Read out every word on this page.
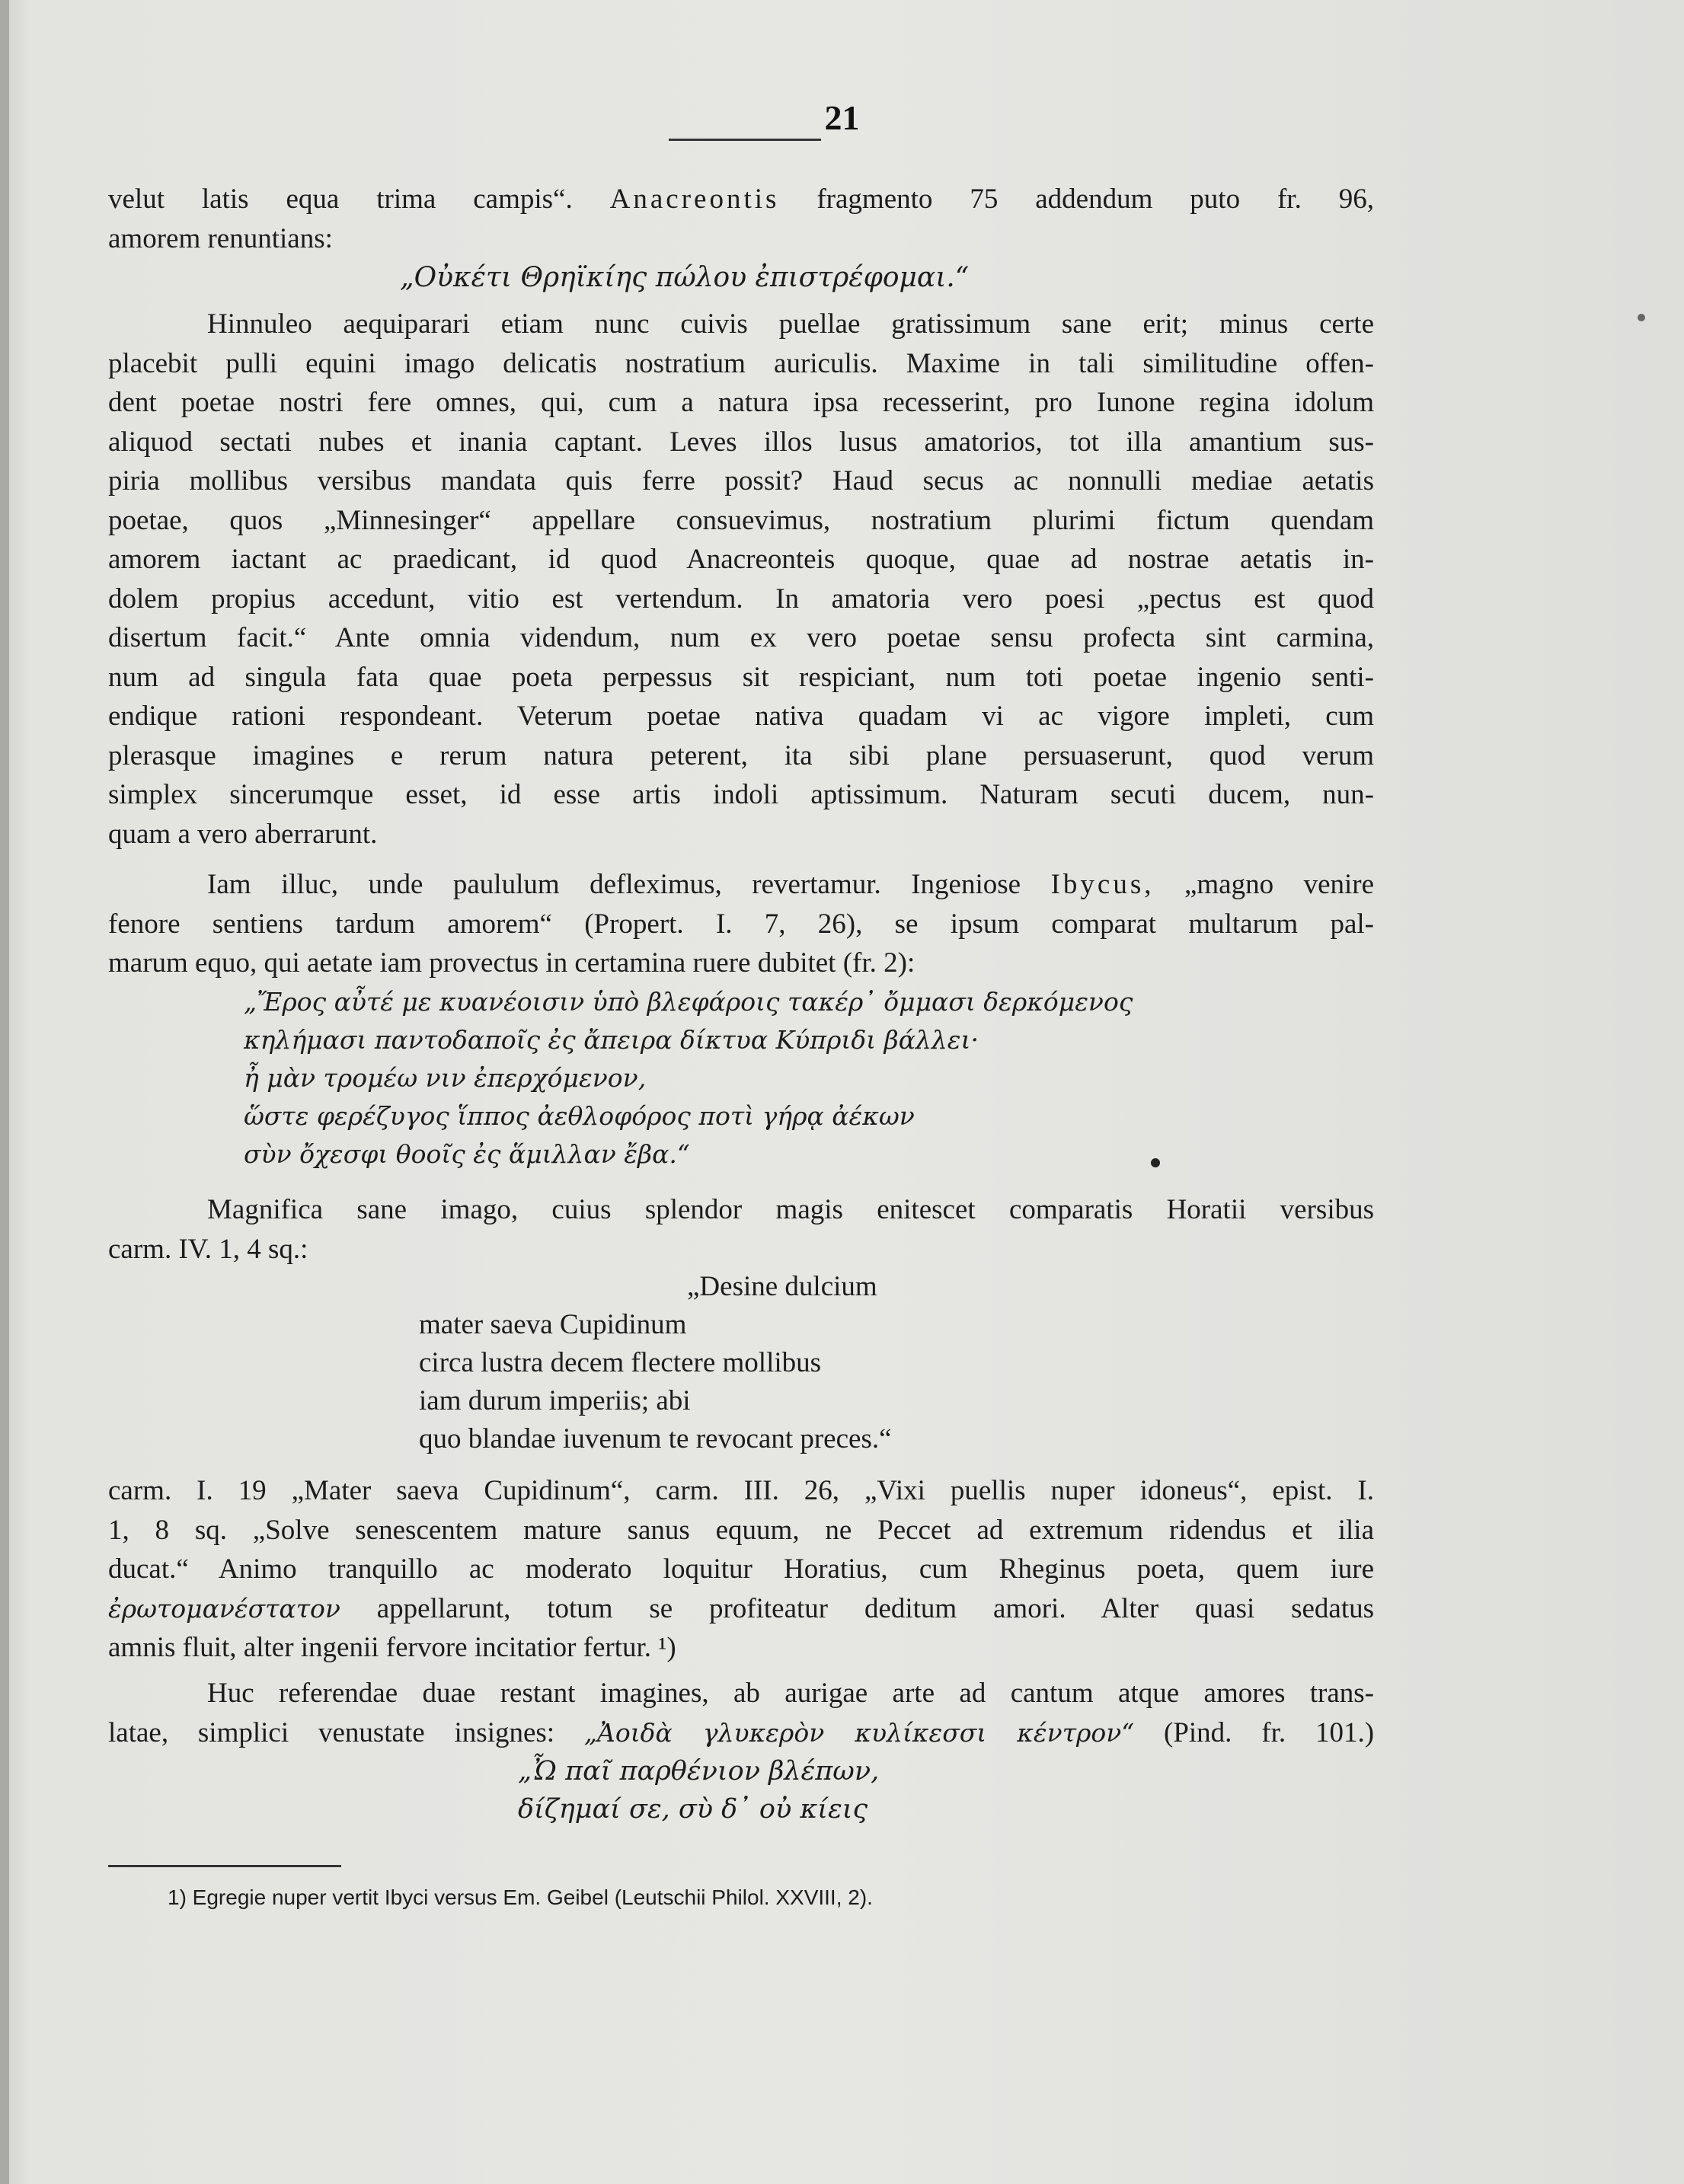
21
velut latis equa trima campis“. Anacreontis fragmento 75 addendum puto fr. 96,
amorem renuntians:
„Οὐκέτι Θρηϊκίης πώλου ἐπιστρέφομαι.“
Hinnuleo aequiparari etiam nunc cuivis puellae gratissimum sane erit; minus certe
placebit pulli equini imago delicatis nostratium auriculis. Maxime in tali similitudine offen-
dent poetae nostri fere omnes, qui, cum a natura ipsa recesserint, pro Iunone regina idolum
aliquod sectati nubes et inania captant. Leves illos lusus amatorios, tot illa amantium sus-
piria mollibus versibus mandata quis ferre possit? Haud secus ac nonnulli mediae aetatis
poetae, quos „Minnesinger“ appellare consuevimus, nostratium plurimi fictum quendam
amorem iactant ac praedicant, id quod Anacreonteis quoque, quae ad nostrae aetatis in-
dolem propius accedunt, vitio est vertendum. In amatoria vero poesi „pectus est quod
disertum facit.“ Ante omnia videndum, num ex vero poetae sensu profecta sint carmina,
num ad singula fata quae poeta perpessus sit respiciant, num toti poetae ingenio senti-
endique rationi respondeant. Veterum poetae nativa quadam vi ac vigore impleti, cum
plerasque imagines e rerum natura peterent, ita sibi plane persuaserunt, quod verum
simplex sincerumque esset, id esse artis indoli aptissimum. Naturam secuti ducem, nun-
quam a vero aberrarunt.
Iam illuc, unde paululum defleximus, revertamur. Ingeniose Ibycus, „magno venire
fenore sentiens tardum amorem“ (Propert. I. 7, 26), se ipsum comparat multarum pal-
marum equo, qui aetate iam provectus in certamina ruere dubitet (fr. 2):
„Ἔρος αὖτέ με κυανέοισιν ὑπὸ βλεφάροις τακέρ᾽ ὄμμασι δερκόμενος
κηλήμασι παντοδαποῖς ἐς ἄπειρα δίκτυα Κύπριδι βάλλει·
ἦ μὰν τρομέω νιν ἐπερχόμενον,
ὥστε φερέζυγος ἵππος ἀεθλοφόρος ποτὶ γήρᾳ ἀέκων
σὺν ὄχεσφι θοοῖς ἐς ἅμιλλαν ἔβα.“
Magnifica sane imago, cuius splendor magis enitescet comparatis Horatii versibus
carm. IV. 1, 4 sq.:
„Desine dulcium
mater saeva Cupidinum
circa lustra decem flectere mollibus
iam durum imperiis; abi
quo blandae iuvenum te revocant preces.“
carm. I. 19 „Mater saeva Cupidinum“, carm. III. 26, „Vixi puellis nuper idoneus“, epist. I.
1, 8 sq. „Solve senescentem mature sanus equum, ne Peccet ad extremum ridendus et ilia
ducat.“ Animo tranquillo ac moderato loquitur Horatius, cum Rheginus poeta, quem iure
ἐρωτομανέστατον appellarunt, totum se profiteatur deditum amori. Alter quasi sedatus
amnis fluit, alter ingenii fervore incitatior fertur. ¹)
Huc referendae duae restant imagines, ab aurigae arte ad cantum atque amores trans-
latae, simplici venustate insignes: „Ἀοιδὰ γλυκερὸν κυλίκεσσι κέντρον“ (Pind. fr. 101.)
„Ὦ παῖ παρθένιον βλέπων,
δίζημαί σε, σὺ δ᾽ οὐ κίεις
1) Egregie nuper vertit Ibyci versus Em. Geibel (Leutschii Philol. XXVIII, 2).
